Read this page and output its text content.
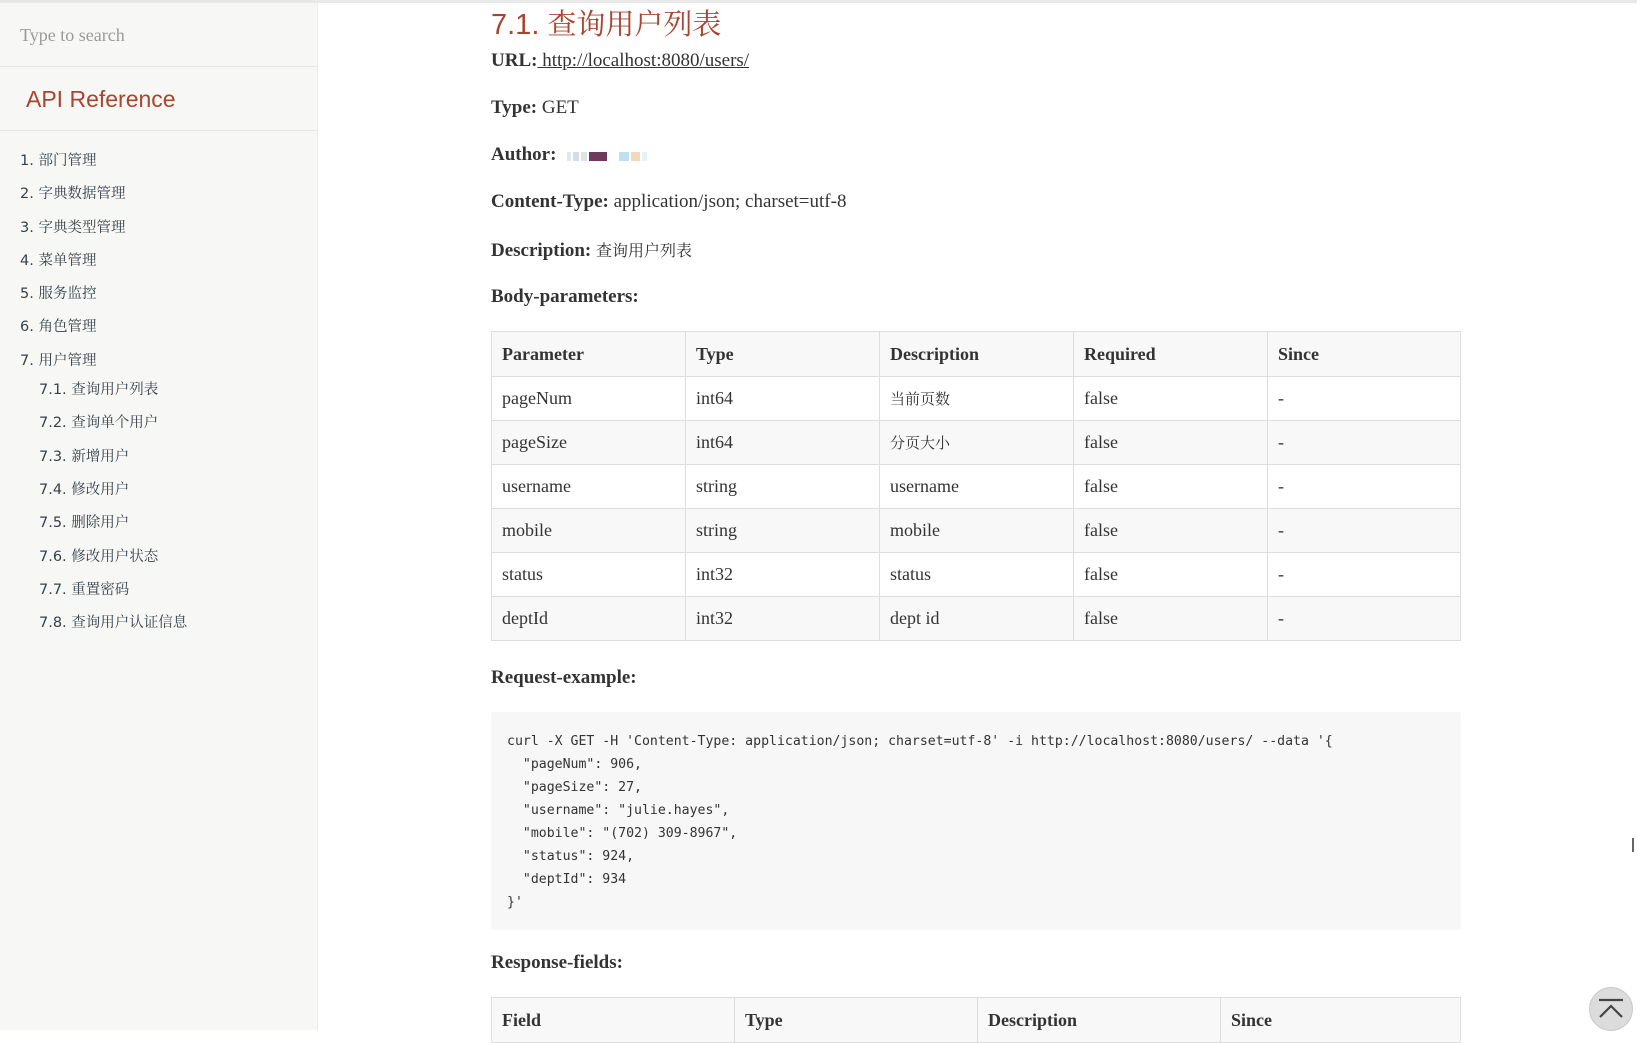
Type to search
API Reference
1. 部门管理
2. 字典数据管理
3. 字典类型管理
4. 菜单管理
5. 服务监控
6. 角色管理
7. 用户管理
7.1. 查询用户列表
7.2. 查询单个用户
7.3. 新增用户
7.4. 修改用户
7.5. 删除用户
7.6. 修改用户状态
7.7. 重置密码
7.8. 查询用户认证信息
7.1. 查询用户列表
URL: http://localhost:8080/users/
Type: GET
Author:
Content-Type: application/json; charset=utf-8
Description: 查询用户列表
Body-parameters:
Parameter	Type	Description	Required	Since
pageNum	int64	当前页数	false	-
pageSize	int64	分页大小	false	-
username	string	username	false	-
mobile	string	mobile	false	-
status	int32	status	false	-
deptId	int32	dept id	false	-
Request-example:
curl -X GET -H 'Content-Type: application/json; charset=utf-8' -i http://localhost:8080/users/ --data '{
"pageNum": 906,
"pageSize": 27,
"username": "julie.hayes",
"mobile": "(702) 309-8967",
"status": 924,
"deptId": 934
}'
Response-fields:
Field	Type	Description	Since
